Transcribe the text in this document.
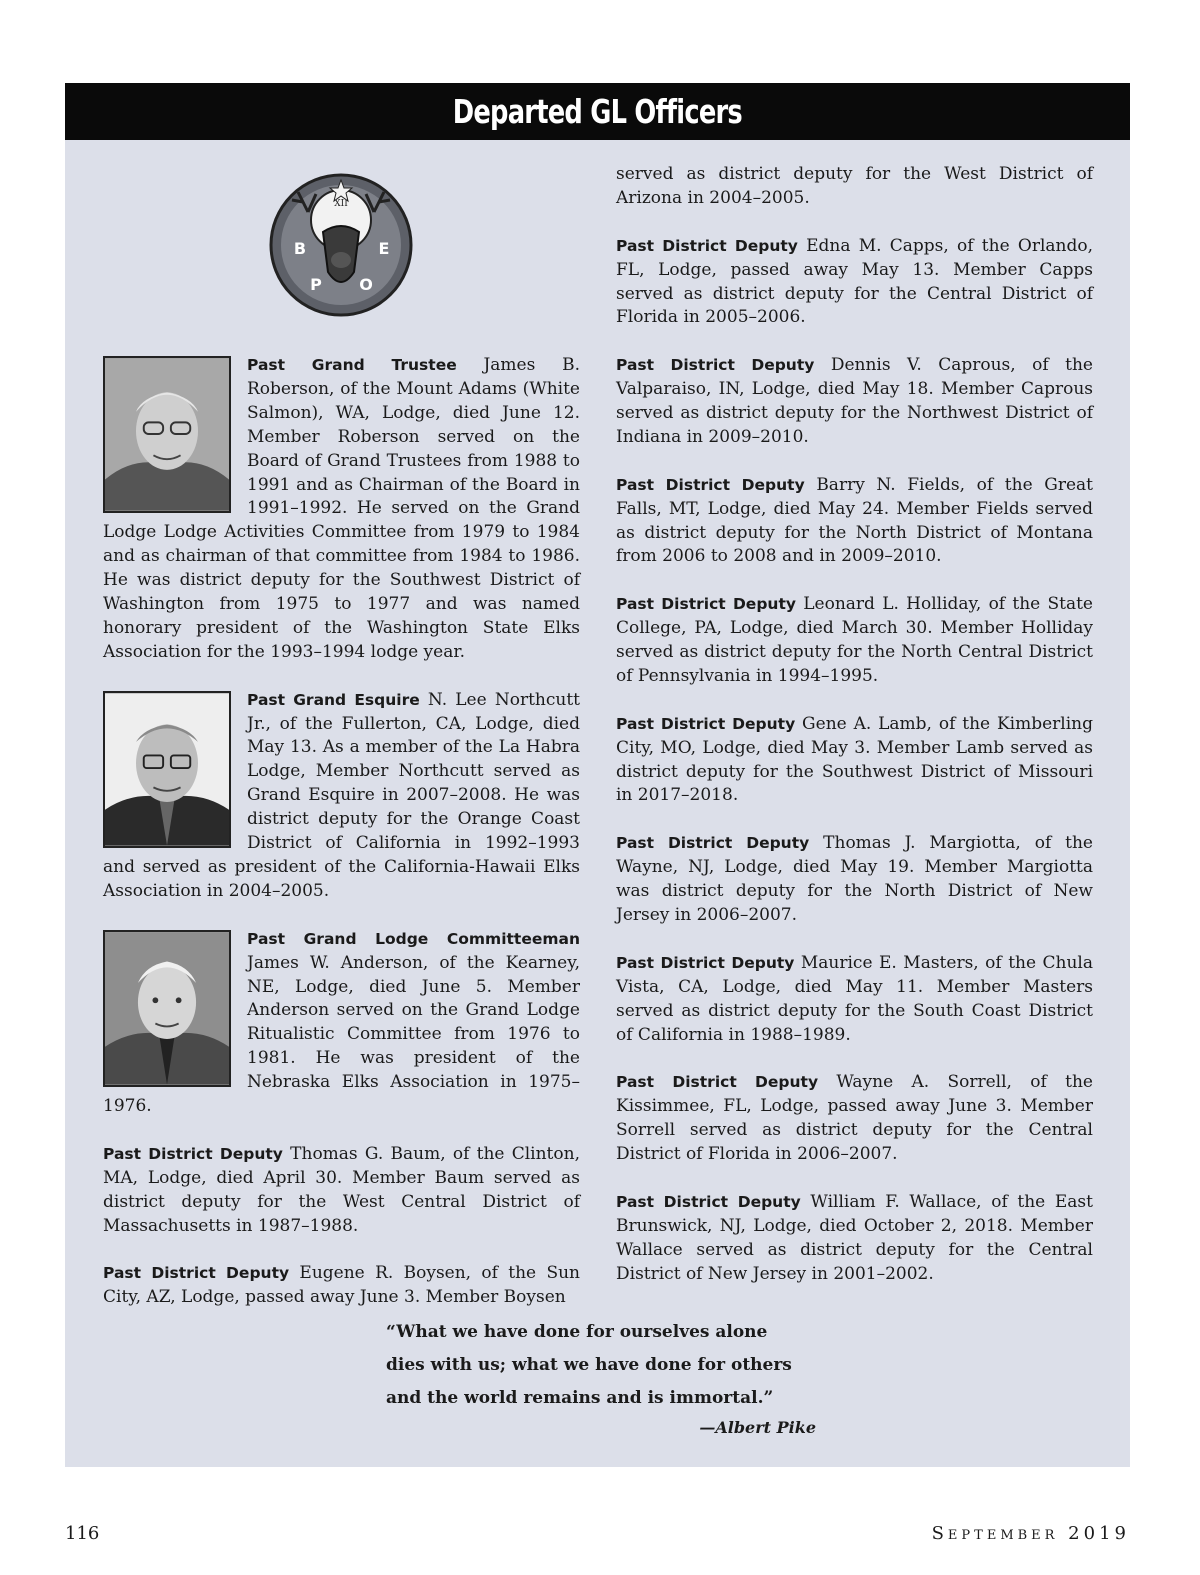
Departed GL Officers
XII
B
P O
E

Past Grand Trustee James B. Roberson, of the Mount Adams (White Salmon), WA, Lodge, died June 12. Member Roberson served on the Board of Grand Trustees from 1988 to 1991 and as Chairman of the Board in 1991–1992. He served on the Grand Lodge Lodge Activities Committee from 1979 to 1984 and as chairman of that committee from 1984 to 1986. He was district deputy for the Southwest District of Washington from 1975 to 1977 and was named honorary president of the Washington State Elks Association for the 1993–1994 lodge year.

Past Grand Esquire N. Lee Northcutt Jr., of the Fullerton, CA, Lodge, died May 13. As a member of the La Habra Lodge, Member Northcutt served as Grand Esquire in 2007–2008. He was district deputy for the Orange Coast District of California in 1992–1993 and served as president of the California-Hawaii Elks Association in 2004–2005.

Past Grand Lodge Committeeman James W. Anderson, of the Kearney, NE, Lodge, died June 5. Member Anderson served on the Grand Lodge Ritualistic Committee from 1976 to 1981. He was president of the Nebraska Elks Association in 1975–1976.

Past District Deputy Thomas G. Baum, of the Clinton, MA, Lodge, died April 30. Member Baum served as district deputy for the West Central District of Massachusetts in 1987–1988.

Past District Deputy Eugene R. Boysen, of the Sun City, AZ, Lodge, passed away June 3. Member Boysen

served as district deputy for the West District of Arizona in 2004–2005.

Past District Deputy Edna M. Capps, of the Orlando, FL, Lodge, passed away May 13. Member Capps served as district deputy for the Central District of Florida in 2005–2006.

Past District Deputy Dennis V. Caprous, of the Valparaiso, IN, Lodge, died May 18. Member Caprous served as district deputy for the Northwest District of Indiana in 2009–2010.

Past District Deputy Barry N. Fields, of the Great Falls, MT, Lodge, died May 24. Member Fields served as district deputy for the North District of Montana from 2006 to 2008 and in 2009–2010.

Past District Deputy Leonard L. Holliday, of the State College, PA, Lodge, died March 30. Member Holliday served as district deputy for the North Central District of Pennsylvania in 1994–1995.

Past District Deputy Gene A. Lamb, of the Kimberling City, MO, Lodge, died May 3. Member Lamb served as district deputy for the Southwest District of Missouri in 2017–2018.

Past District Deputy Thomas J. Margiotta, of the Wayne, NJ, Lodge, died May 19. Member Margiotta was district deputy for the North District of New Jersey in 2006–2007.

Past District Deputy Maurice E. Masters, of the Chula Vista, CA, Lodge, died May 11. Member Masters served as district deputy for the South Coast District of California in 1988–1989.

Past District Deputy Wayne A. Sorrell, of the Kissimmee, FL, Lodge, passed away June 3. Member Sorrell served as district deputy for the Central District of Florida in 2006–2007.

Past District Deputy William F. Wallace, of the East Brunswick, NJ, Lodge, died October 2, 2018. Member Wallace served as district deputy for the Central District of New Jersey in 2001–2002.

“What we have done for ourselves alone
dies with us; what we have done for others
and the world remains and is immortal.”
—Albert Pike
116	September 2019
